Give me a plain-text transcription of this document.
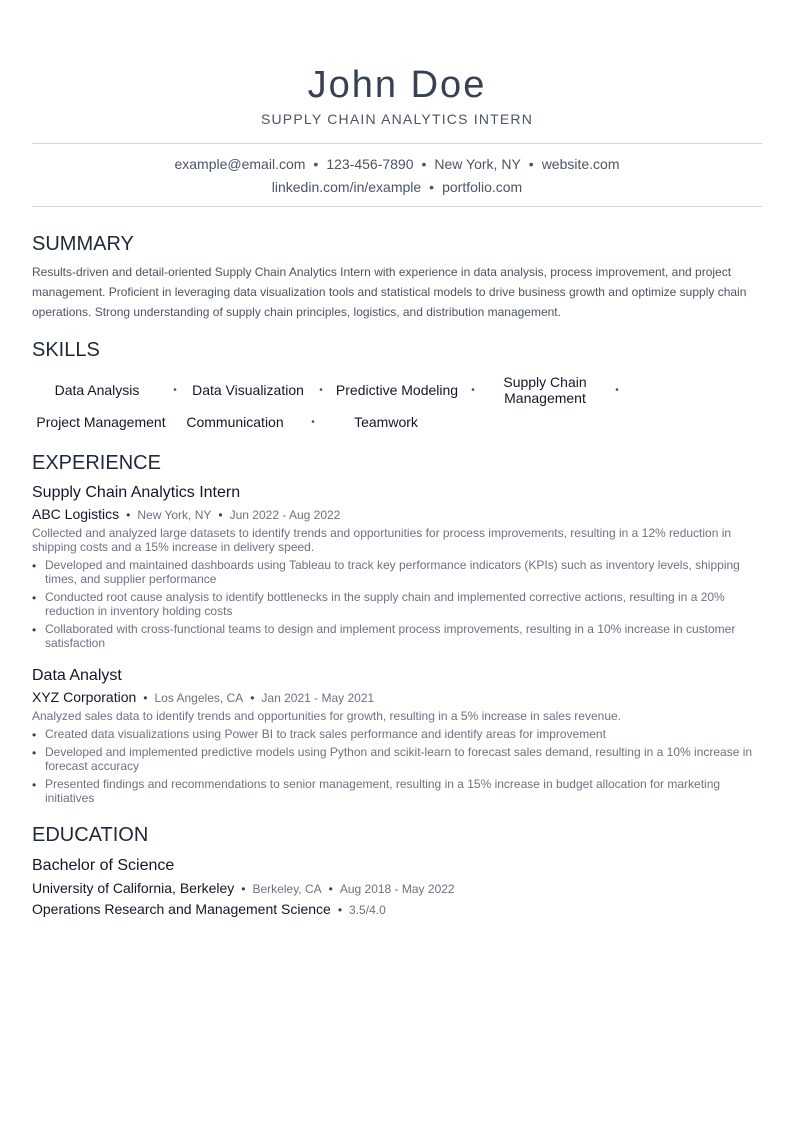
John Doe
SUPPLY CHAIN ANALYTICS INTERN
example@email.com • 123-456-7890 • New York, NY • website.com
linkedin.com/in/example • portfolio.com
SUMMARY
Results-driven and detail-oriented Supply Chain Analytics Intern with experience in data analysis, process improvement, and project management. Proficient in leveraging data visualization tools and statistical models to drive business growth and optimize supply chain operations. Strong understanding of supply chain principles, logistics, and distribution management.
SKILLS
Data Analysis	•	Data Visualization	• Predictive Modeling	•	Supply Chain Management	•
Project Management	Communication	•	Teamwork
EXPERIENCE
Supply Chain Analytics Intern
ABC Logistics • New York, NY • Jun 2022 - Aug 2022
Collected and analyzed large datasets to identify trends and opportunities for process improvements, resulting in a 12% reduction in shipping costs and a 15% increase in delivery speed.
• Developed and maintained dashboards using Tableau to track key performance indicators (KPIs) such as inventory levels, shipping times, and supplier performance
• Conducted root cause analysis to identify bottlenecks in the supply chain and implemented corrective actions, resulting in a 20% reduction in inventory holding costs
• Collaborated with cross-functional teams to design and implement process improvements, resulting in a 10% increase in customer satisfaction
Data Analyst
XYZ Corporation • Los Angeles, CA • Jan 2021 - May 2021
Analyzed sales data to identify trends and opportunities for growth, resulting in a 5% increase in sales revenue.
• Created data visualizations using Power BI to track sales performance and identify areas for improvement
• Developed and implemented predictive models using Python and scikit-learn to forecast sales demand, resulting in a 10% increase in forecast accuracy
• Presented findings and recommendations to senior management, resulting in a 15% increase in budget allocation for marketing initiatives
EDUCATION
Bachelor of Science
University of California, Berkeley • Berkeley, CA • Aug 2018 - May 2022
Operations Research and Management Science • 3.5/4.0
